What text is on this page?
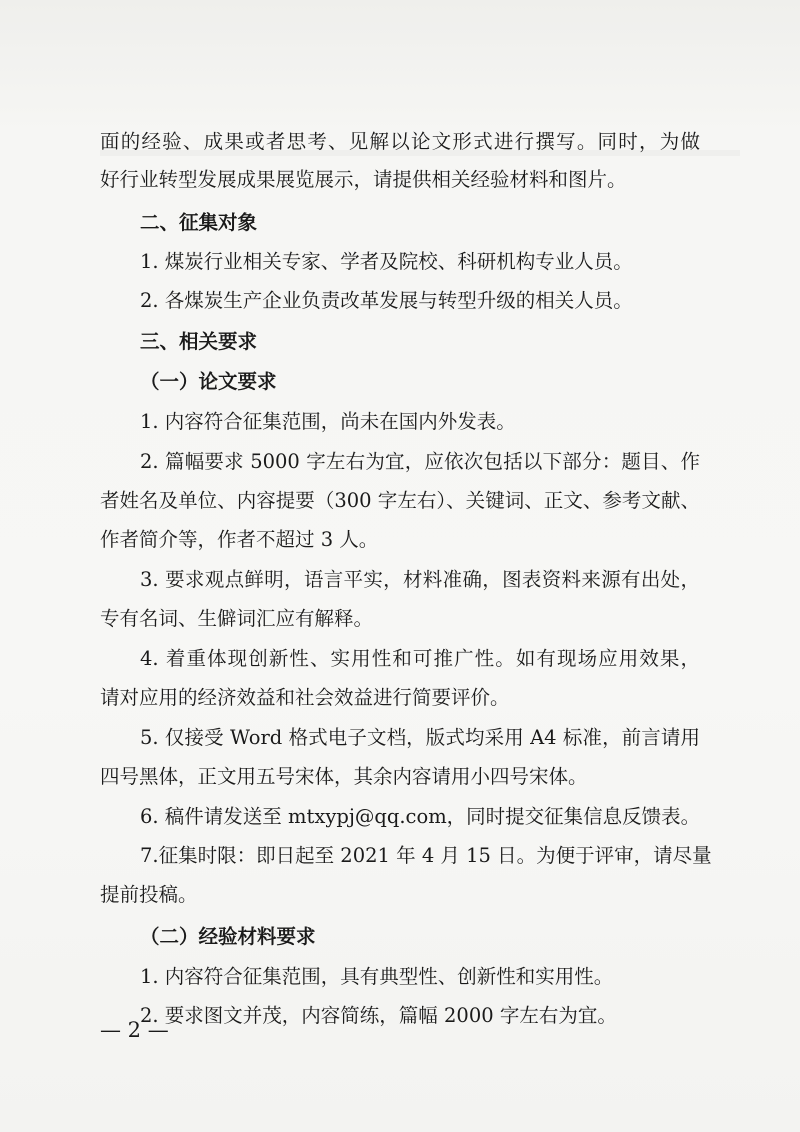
面的经验、成果或者思考、见解以论文形式进行撰写。同时，为做
好行业转型发展成果展览展示，请提供相关经验材料和图片。
二、征集对象
1. 煤炭行业相关专家、学者及院校、科研机构专业人员。
2. 各煤炭生产企业负责改革发展与转型升级的相关人员。
三、相关要求
（一）论文要求
1. 内容符合征集范围，尚未在国内外发表。
2. 篇幅要求 5000 字左右为宜，应依次包括以下部分：题目、作
者姓名及单位、内容提要（300 字左右）、关键词、正文、参考文献、
作者简介等，作者不超过 3 人。
3. 要求观点鲜明，语言平实，材料准确，图表资料来源有出处，
专有名词、生僻词汇应有解释。
4. 着重体现创新性、实用性和可推广性。如有现场应用效果，
请对应用的经济效益和社会效益进行简要评价。
5. 仅接受 Word 格式电子文档，版式均采用 A4 标准，前言请用
四号黑体，正文用五号宋体，其余内容请用小四号宋体。
6. 稿件请发送至 mtxypj@qq.com，同时提交征集信息反馈表。
7.征集时限：即日起至 2021 年 4 月 15 日。为便于评审，请尽量
提前投稿。
（二）经验材料要求
1. 内容符合征集范围，具有典型性、创新性和实用性。
2. 要求图文并茂，内容简练，篇幅 2000 字左右为宜。
— 2 —
